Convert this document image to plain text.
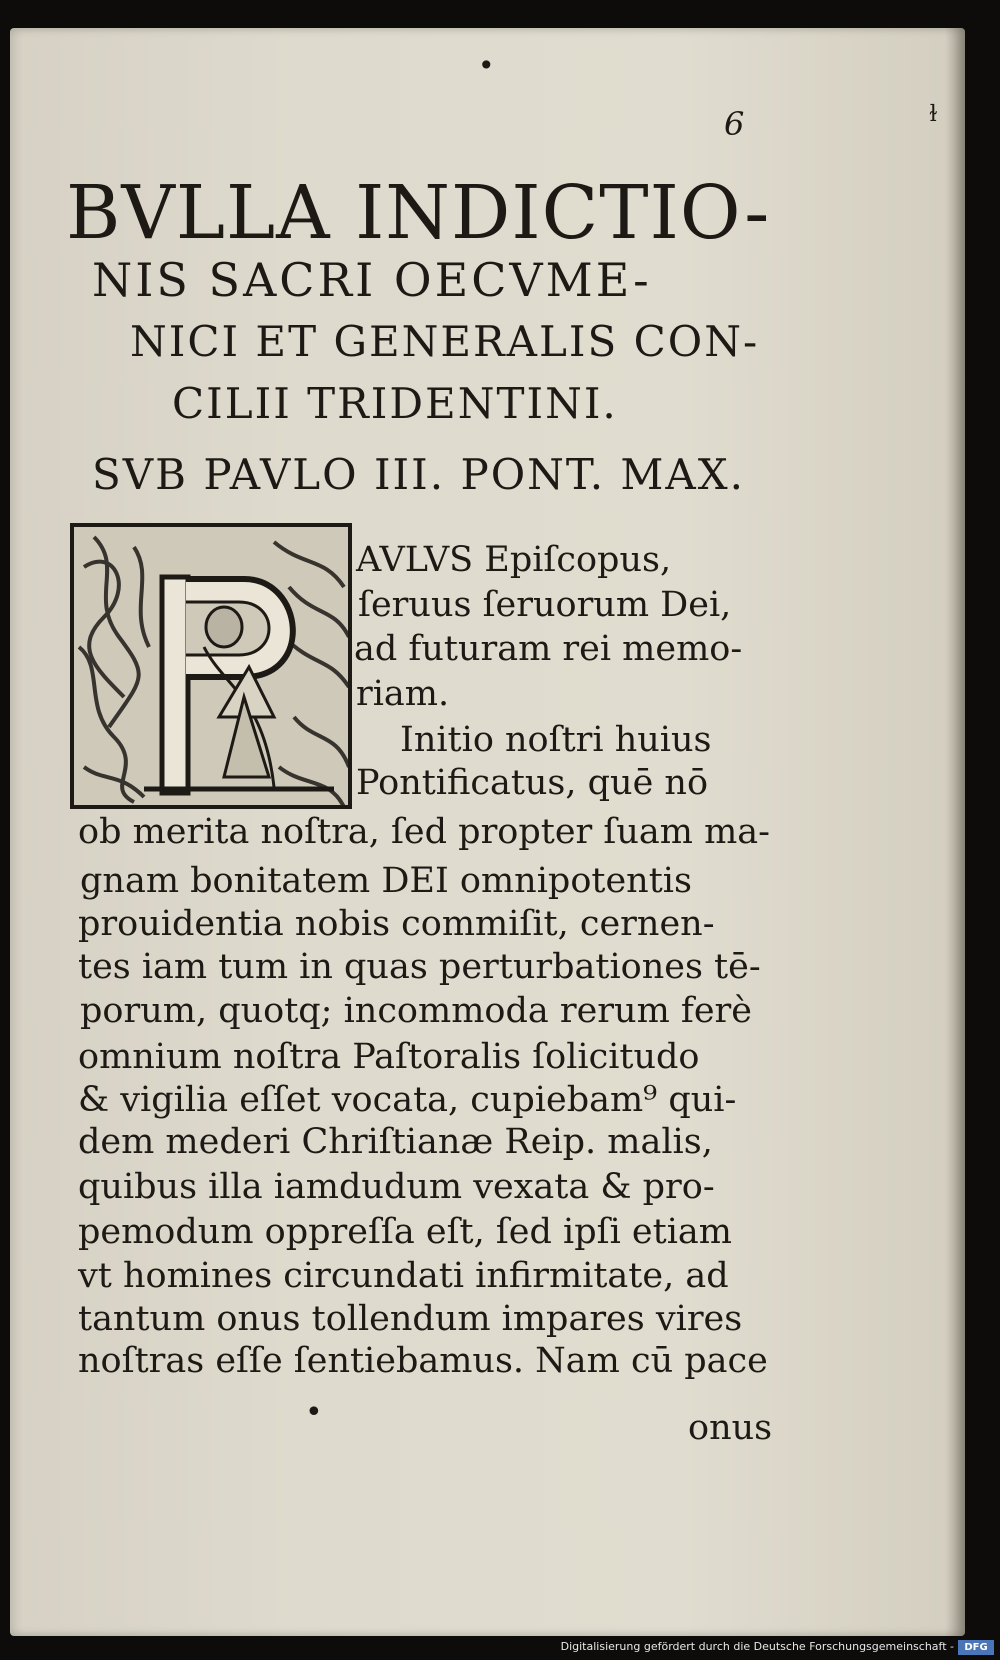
•
6	ɫ
BVLLA INDICTIO-
NIS SACRI OECVME-
NICI ET GENERALIS CON-
CILII TRIDENTINI.
SVB PAVLO III. PONT. MAX.
AVLVS Epiſcopus,
ſeruus ſeruorum Dei,
ad futuram rei memo-
riam.
Initio noſtri huius
Pontificatus, quē nō
ob merita noſtra, ſed propter ſuam ma-
gnam bonitatem DEI omnipotentis
prouidentia nobis commiſit, cernen-
tes iam tum in quas perturbationes tē-
porum, quotq; incommoda rerum ferè
omnium noſtra Paſtoralis ſolicitudo
& vigilia eſſet vocata, cupiebam⁹ qui-
dem mederi Chriſtianæ Reip. malis,
quibus illa iamdudum vexata & pro-
pemodum oppreſſa eſt, ſed ipſi etiam
vt homines circundati infirmitate, ad
tantum onus tollendum impares vires
noſtras eſſe ſentiebamus. Nam cū pace
onus
•
Digitalisierung gefördert durch die Deutsche Forschungsgemeinschaft -	DFG
